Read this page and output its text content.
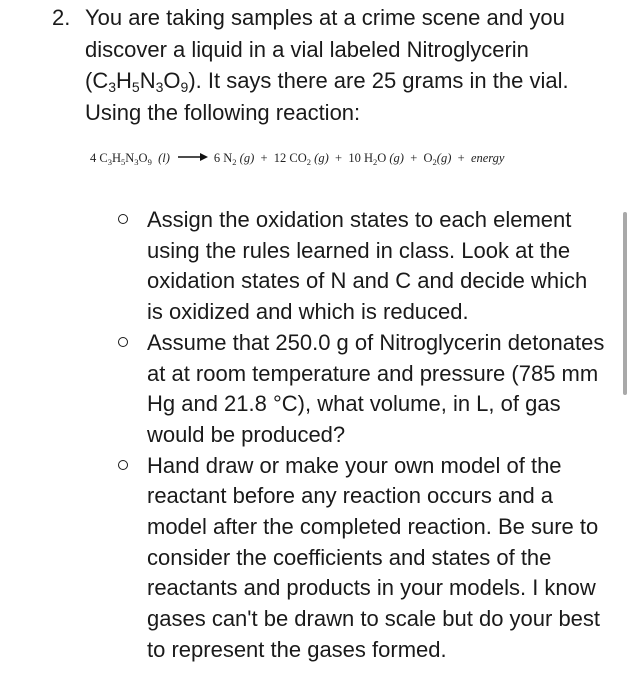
2. You are taking samples at a crime scene and you discover a liquid in a vial labeled Nitroglycerin $(C_3H_5N_3O_9)$. It says there are 25 grams in the vial. Using the following reaction:
4 $C_3H_5N_3O_9$ (l) → 6 $N_2$ (g) + 12 $CO_2$ (g) + 10 $H_2O$ $(g) + O_2(g)$ + energy
Assign the oxidation states to each element using the rules learned in class. Look at the oxidation states of N and C and decide which is oxidized and which is reduced.
Assume that 250.0 g of Nitroglycerin detonates at at room temperature and pressure (785 mm Hg and 21.8 °C), what volume, in L, of gas would be produced?
Hand draw or make your own model of the reactant before any reaction occurs and a model after the completed reaction. Be sure to consider the coefficients and states of the reactants and products in your models. I know gases can't be drawn to scale but do your best to represent the gases formed.
